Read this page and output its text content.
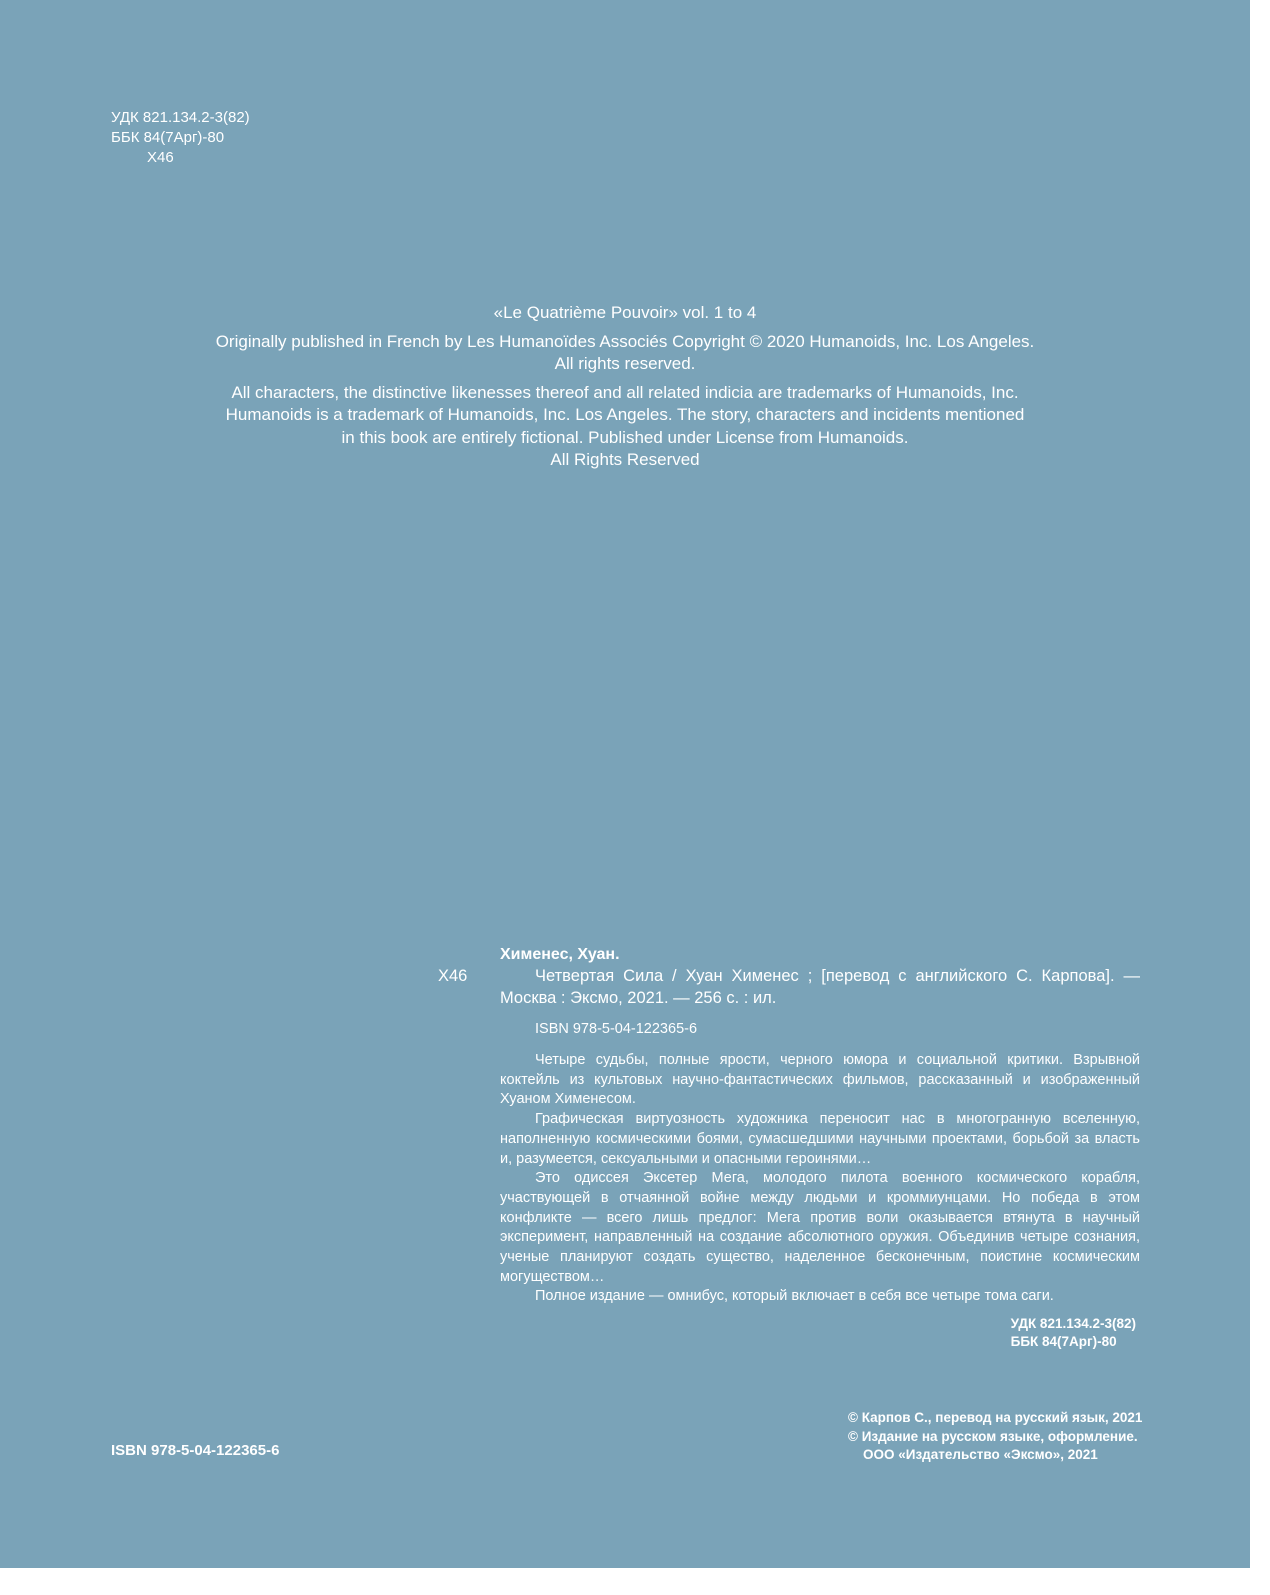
УДК 821.134.2-3(82)
ББК 84(7Арг)-80
Х46
«Le Quatrième Pouvoir» vol. 1 to 4
Originally published in French by Les Humanoïdes Associés Copyright © 2020 Humanoids, Inc. Los Angeles.
All rights reserved.
All characters, the distinctive likenesses thereof and all related indicia are trademarks of Humanoids, Inc.
Humanoids is a trademark of Humanoids, Inc. Los Angeles. The story, characters and incidents mentioned
in this book are entirely fictional. Published under License from Humanoids.
All Rights Reserved
Хименес, Хуан.
Х46	Четвертая Сила / Хуан Хименес ; [перевод с английского С. Карпова]. — Москва : Эксмо, 2021. — 256 с. : ил.

ISBN 978-5-04-122365-6

Четыре судьбы, полные ярости, черного юмора и социальной критики. Взрывной коктейль из культовых научно-фантастических фильмов, рассказанный и изображенный Хуаном Хименесом.

Графическая виртуозность художника переносит нас в многогранную вселенную, наполненную космическими боями, сумасшедшими научными проектами, борьбой за власть и, разумеется, сексуальными и опасными героинями…

Это одиссея Эксетер Мега, молодого пилота военного космического корабля, участвующей в отчаянной войне между людьми и кроммиунцами. Но победа в этом конфликте — всего лишь предлог: Мега против воли оказывается втянута в научный эксперимент, направленный на создание абсолютного оружия. Объединив четыре сознания, ученые планируют создать существо, наделенное бесконечным, поистине космическим могуществом…

Полное издание — омнибус, который включает в себя все четыре тома саги.

УДК 821.134.2-3(82)
ББК 84(7Арг)-80
ISBN 978-5-04-122365-6
© Карпов С., перевод на русский язык, 2021
© Издание на русском языке, оформление.
ООО «Издательство «Эксмо», 2021
